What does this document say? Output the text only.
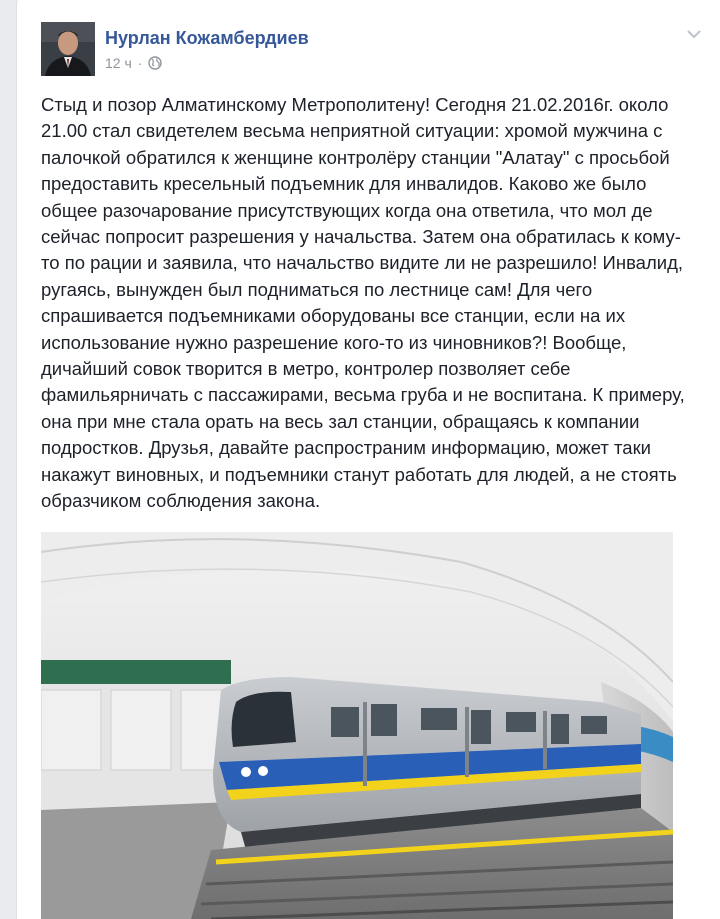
Нурлан Кожамбердиев
12 ч ·

Стыд и позор Алматинскому Метрополитену! Сегодня 21.02.2016г. около 21.00 стал свидетелем весьма неприятной ситуации: хромой мужчина с палочкой обратился к женщине контролёру станции "Алатау" с просьбой предоставить кресельный подъемник для инвалидов. Каково же было общее разочарование присутствующих когда она ответила, что мол де сейчас попросит разрешения у начальства. Затем она обратилась к кому-то по рации и заявила, что начальство видите ли не разрешило! Инвалид, ругаясь, вынужден был подниматься по лестнице сам! Для чего спрашивается подъемниками оборудованы все станции, если на их использование нужно разрешение кого-то из чиновников?! Вообще, дичайший совок творится в метро, контролер позволяет себе фамильярничать с пассажирами, весьма груба и не воспитана. К примеру, она при мне стала орать на весь зал станции, обращаясь к компании подростков. Друзья, давайте распространим информацию, может таки накажут виновных, и подъемники станут работать для людей, а не стоять образчиком соблюдения закона.
